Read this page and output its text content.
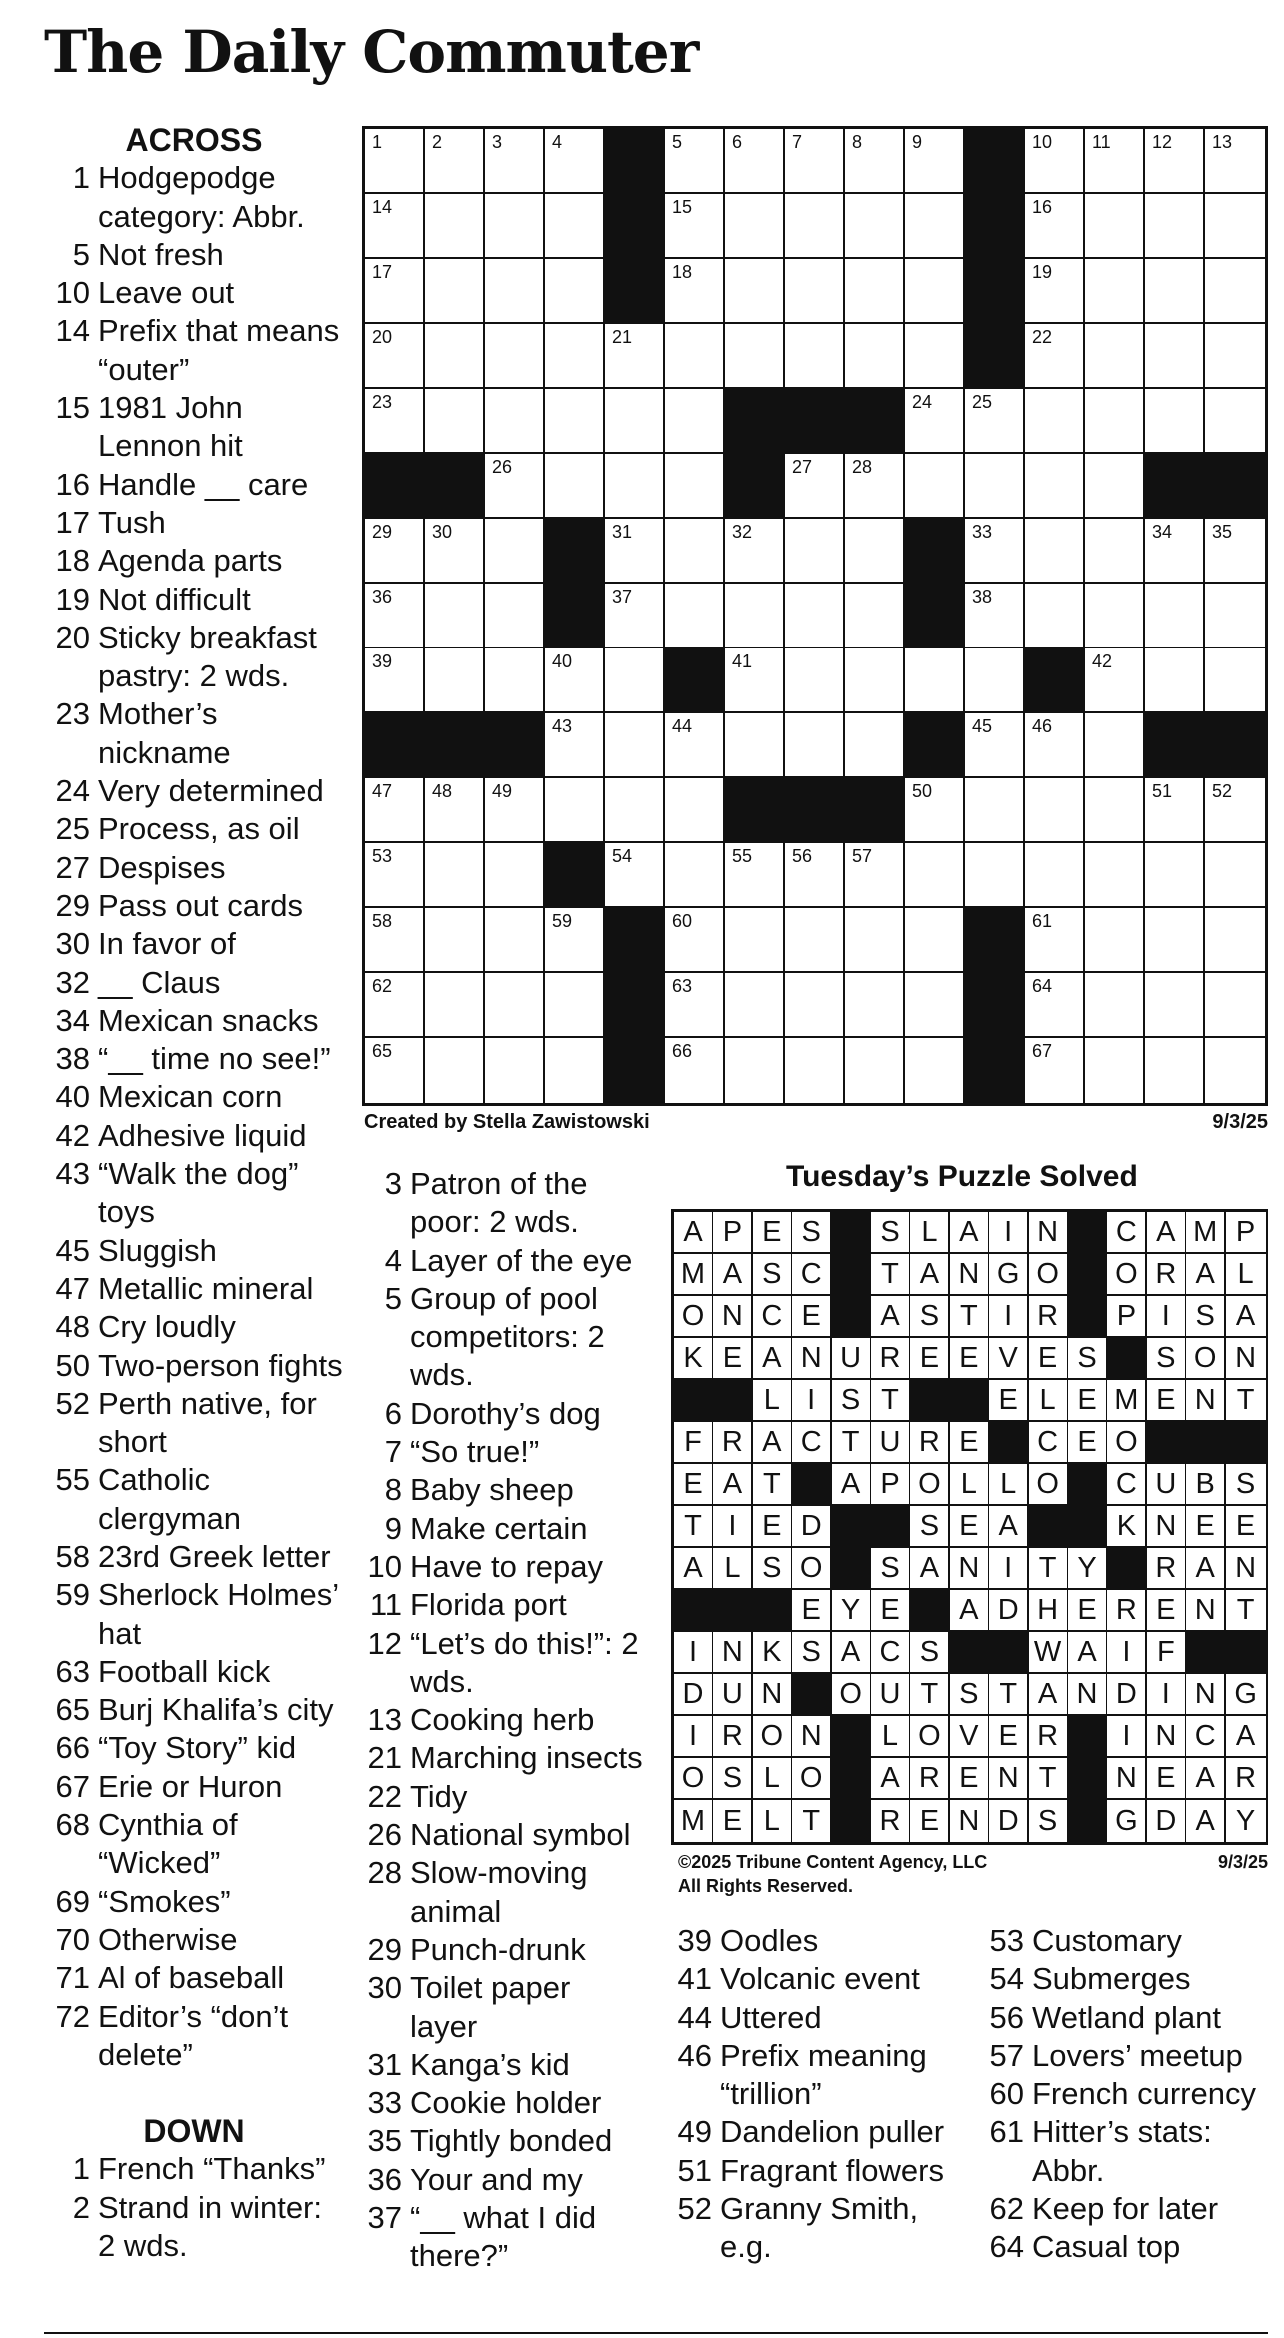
The Daily Commuter
ACROSS
1 Hodgepodge category: Abbr.
5 Not fresh
10 Leave out
14 Prefix that means “outer”
15 1981 John Lennon hit
16 Handle __ care
17 Tush
18 Agenda parts
19 Not difficult
20 Sticky breakfast pastry: 2 wds.
23 Mother’s nickname
24 Very determined
25 Process, as oil
27 Despises
29 Pass out cards
30 In favor of
32 __ Claus
34 Mexican snacks
38 “__ time no see!”
40 Mexican corn
42 Adhesive liquid
43 “Walk the dog” toys
45 Sluggish
47 Metallic mineral
48 Cry loudly
50 Two-person fights
52 Perth native, for short
55 Catholic clergyman
58 23rd Greek letter
59 Sherlock Holmes’ hat
63 Football kick
65 Burj Khalifa’s city
66 “Toy Story” kid
67 Erie or Huron
68 Cynthia of “Wicked”
69 “Smokes”
70 Otherwise
71 Al of baseball
72 Editor’s “don’t delete”
DOWN
1 French “Thanks”
2 Strand in winter: 2 wds.
3 Patron of the poor: 2 wds.
4 Layer of the eye
5 Group of pool competitors: 2 wds.
6 Dorothy’s dog
7 “So true!”
8 Baby sheep
9 Make certain
10 Have to repay
11 Florida port
12 “Let’s do this!”: 2 wds.
13 Cooking herb
21 Marching insects
22 Tidy
26 National symbol
28 Slow-moving animal
29 Punch-drunk
30 Toilet paper layer
31 Kanga’s kid
33 Cookie holder
35 Tightly bonded
36 Your and my
37 “__ what I did there?”
39 Oodles
41 Volcanic event
44 Uttered
46 Prefix meaning “trillion”
49 Dandelion puller
51 Fragrant flowers
52 Granny Smith, e.g.
53 Customary
54 Submerges
56 Wetland plant
57 Lovers’ meetup
60 French currency
61 Hitter’s stats: Abbr.
62 Keep for later
64 Casual top
1	2	3	4	5	6	7	8	9	10 11 12 13
14	15	16
17	18	19
20	21	22
23	24 25
26	27 28
29 30	31	32	33	34 35
36	37	38
39	40	41	42
43	44	45 46
47 48 49	50	51 52
53	54	55 56 57
58	59	60	61
62	63	64
65	66	67
Created by Stella Zawistowski	9/3/25
Tuesday’s Puzzle Solved
A P E S	S L A I N C A M P
M A S C	T A N G O O R A L
O N C E	A S T I R	P I S A
K E A N U R E E V E S	S O N
L I S T	E L E M E N T
F R A C T U R E	C E O
E A T	A P O L L O C U B S
T I E D	S E A	K N E E
A L S O	S A N I T Y	R A N
E Y E	A D H E R E N T
I N K S A C S	W A I F
D U N O U T S T A N D I N G
I R O N	L O V E R	I N C A
O S L O	A R E N T	N E A R
M E L T	R E N D S	G D A Y
©2025 Tribune Content Agency, LLC
All Rights Reserved.
9/3/25
